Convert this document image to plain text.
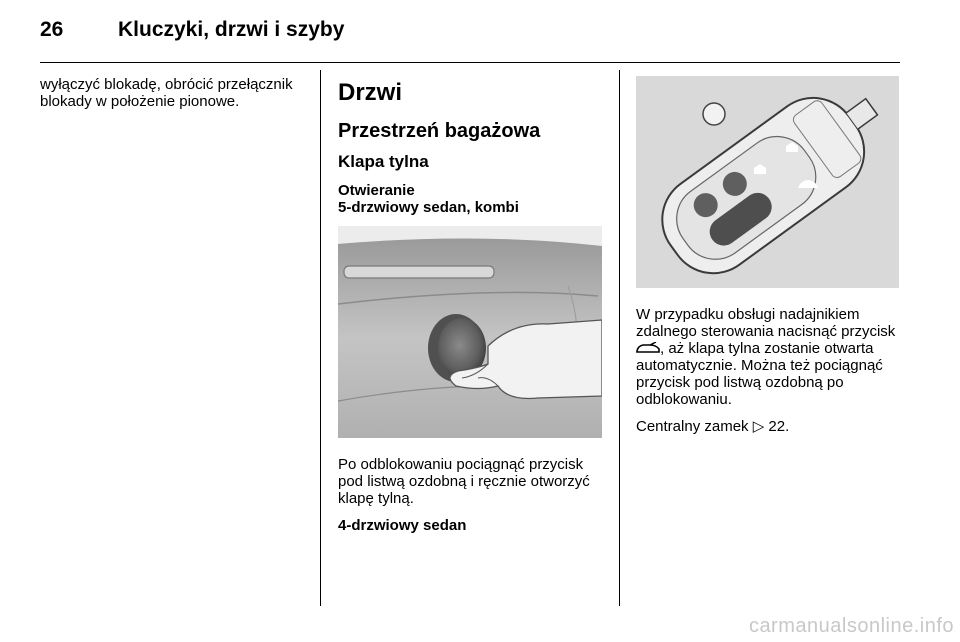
26	Kluczyki, drzwi i szyby

wyłączyć blokadę, obrócić przełącznik blokady w położenie pionowe.	Drzwi
Przestrzeń bagażowa
Klapa tylna
Otwieranie
5-drzwiowy sedan, kombi

Po odblokowaniu pociągnąć przycisk pod listwą ozdobną i ręcznie otworzyć klapę tylną.

4-drzwiowy sedan

W przypadku obsługi nadajnikiem zdalnego sterowania nacisnąć przycisk , aż klapa tylna zostanie otwarta automatycznie. Można też pociągnąć przycisk pod listwą ozdobną po odblokowaniu.

Centralny zamek ▷ 22.

carmanualsonline.info
